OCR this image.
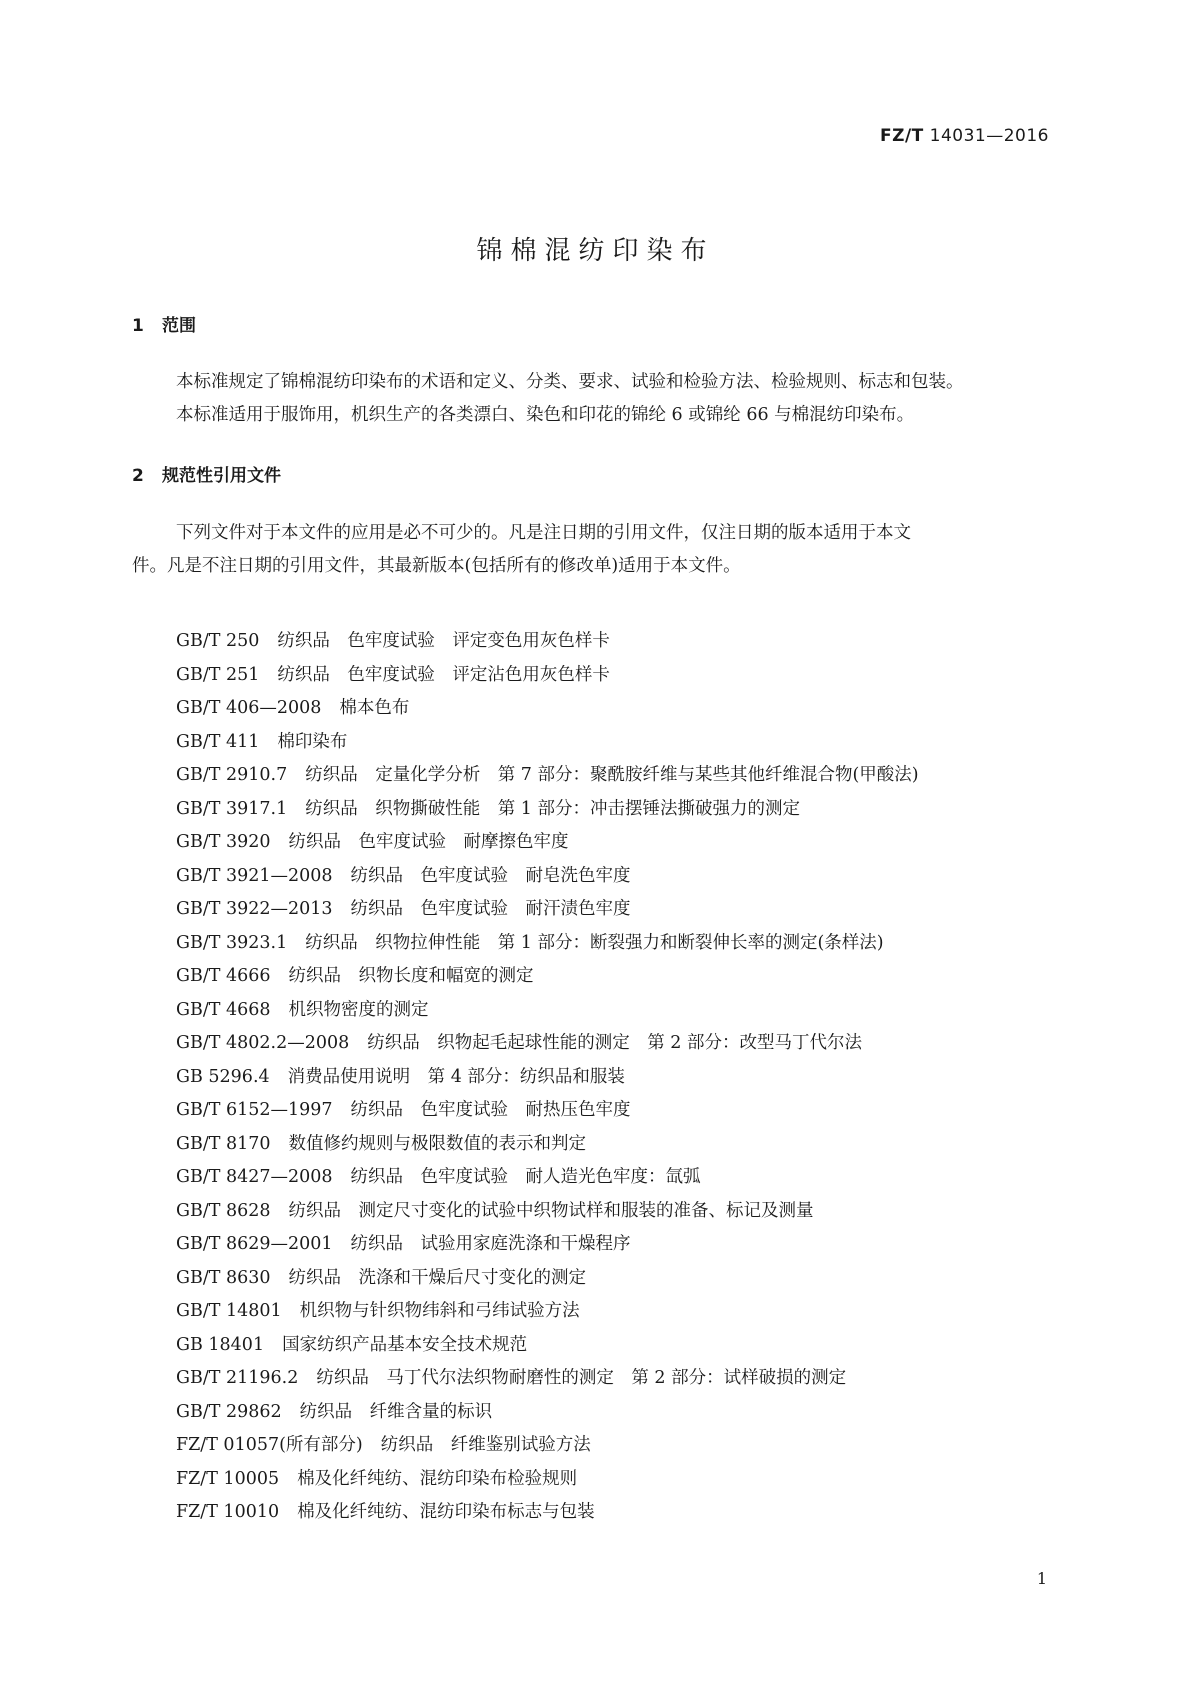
FZ/T 14031—2016
锦棉混纺印染布
1 范围
本标准规定了锦棉混纺印染布的术语和定义、分类、要求、试验和检验方法、检验规则、标志和包装。
本标准适用于服饰用，机织生产的各类漂白、染色和印花的锦纶 6 或锦纶 66 与棉混纺印染布。
2 规范性引用文件
下列文件对于本文件的应用是必不可少的。凡是注日期的引用文件，仅注日期的版本适用于本文
件。凡是不注日期的引用文件，其最新版本(包括所有的修改单)适用于本文件。
GB/T 250 纺织品　色牢度试验　评定变色用灰色样卡
GB/T 251 纺织品　色牢度试验　评定沾色用灰色样卡
GB/T 406—2008 棉本色布
GB/T 411 棉印染布
GB/T 2910.7 纺织品　定量化学分析　第 7 部分：聚酰胺纤维与某些其他纤维混合物(甲酸法)
GB/T 3917.1 纺织品　织物撕破性能　第 1 部分：冲击摆锤法撕破强力的测定
GB/T 3920 纺织品　色牢度试验　耐摩擦色牢度
GB/T 3921—2008 纺织品　色牢度试验　耐皂洗色牢度
GB/T 3922—2013 纺织品　色牢度试验　耐汗渍色牢度
GB/T 3923.1 纺织品　织物拉伸性能　第 1 部分：断裂强力和断裂伸长率的测定(条样法)
GB/T 4666 纺织品　织物长度和幅宽的测定
GB/T 4668 机织物密度的测定
GB/T 4802.2—2008 纺织品　织物起毛起球性能的测定　第 2 部分：改型马丁代尔法
GB 5296.4 消费品使用说明　第 4 部分：纺织品和服装
GB/T 6152—1997 纺织品　色牢度试验　耐热压色牢度
GB/T 8170 数值修约规则与极限数值的表示和判定
GB/T 8427—2008 纺织品　色牢度试验　耐人造光色牢度：氙弧
GB/T 8628 纺织品　测定尺寸变化的试验中织物试样和服装的准备、标记及测量
GB/T 8629—2001 纺织品　试验用家庭洗涤和干燥程序
GB/T 8630 纺织品　洗涤和干燥后尺寸变化的测定
GB/T 14801 机织物与针织物纬斜和弓纬试验方法
GB 18401 国家纺织产品基本安全技术规范
GB/T 21196.2 纺织品　马丁代尔法织物耐磨性的测定　第 2 部分：试样破损的测定
GB/T 29862 纺织品　纤维含量的标识
FZ/T 01057(所有部分) 纺织品　纤维鉴别试验方法
FZ/T 10005 棉及化纤纯纺、混纺印染布检验规则
FZ/T 10010 棉及化纤纯纺、混纺印染布标志与包装
1
